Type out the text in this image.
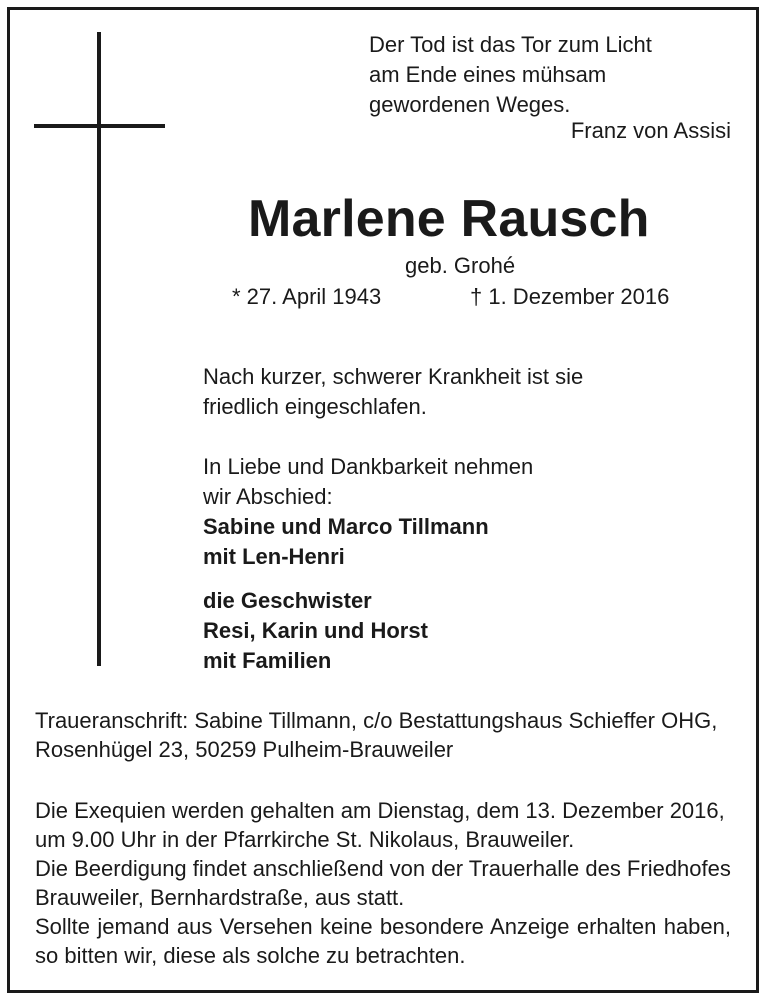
Der Tod ist das Tor zum Licht
am Ende eines mühsam
gewordenen Weges.
Franz von Assisi
Marlene Rausch
geb. Grohé
* 27. April 1943	† 1. Dezember 2016
Nach kurzer, schwerer Krankheit ist sie
friedlich eingeschlafen.
In Liebe und Dankbarkeit nehmen
wir Abschied:
Sabine und Marco Tillmann
mit Len-Henri
die Geschwister
Resi, Karin und Horst
mit Familien
Traueranschrift: Sabine Tillmann, c/o Bestattungshaus Schieffer OHG,
Rosenhügel 23, 50259 Pulheim-Brauweiler
Die Exequien werden gehalten am Dienstag, dem 13. Dezember 2016,
um 9.00 Uhr in der Pfarrkirche St. Nikolaus, Brauweiler.
Die Beerdigung findet anschließend von der Trauerhalle des Friedhofes
Brauweiler, Bernhardstraße, aus statt.
Sollte jemand aus Versehen keine besondere Anzeige erhalten haben,
so bitten wir, diese als solche zu betrachten.
